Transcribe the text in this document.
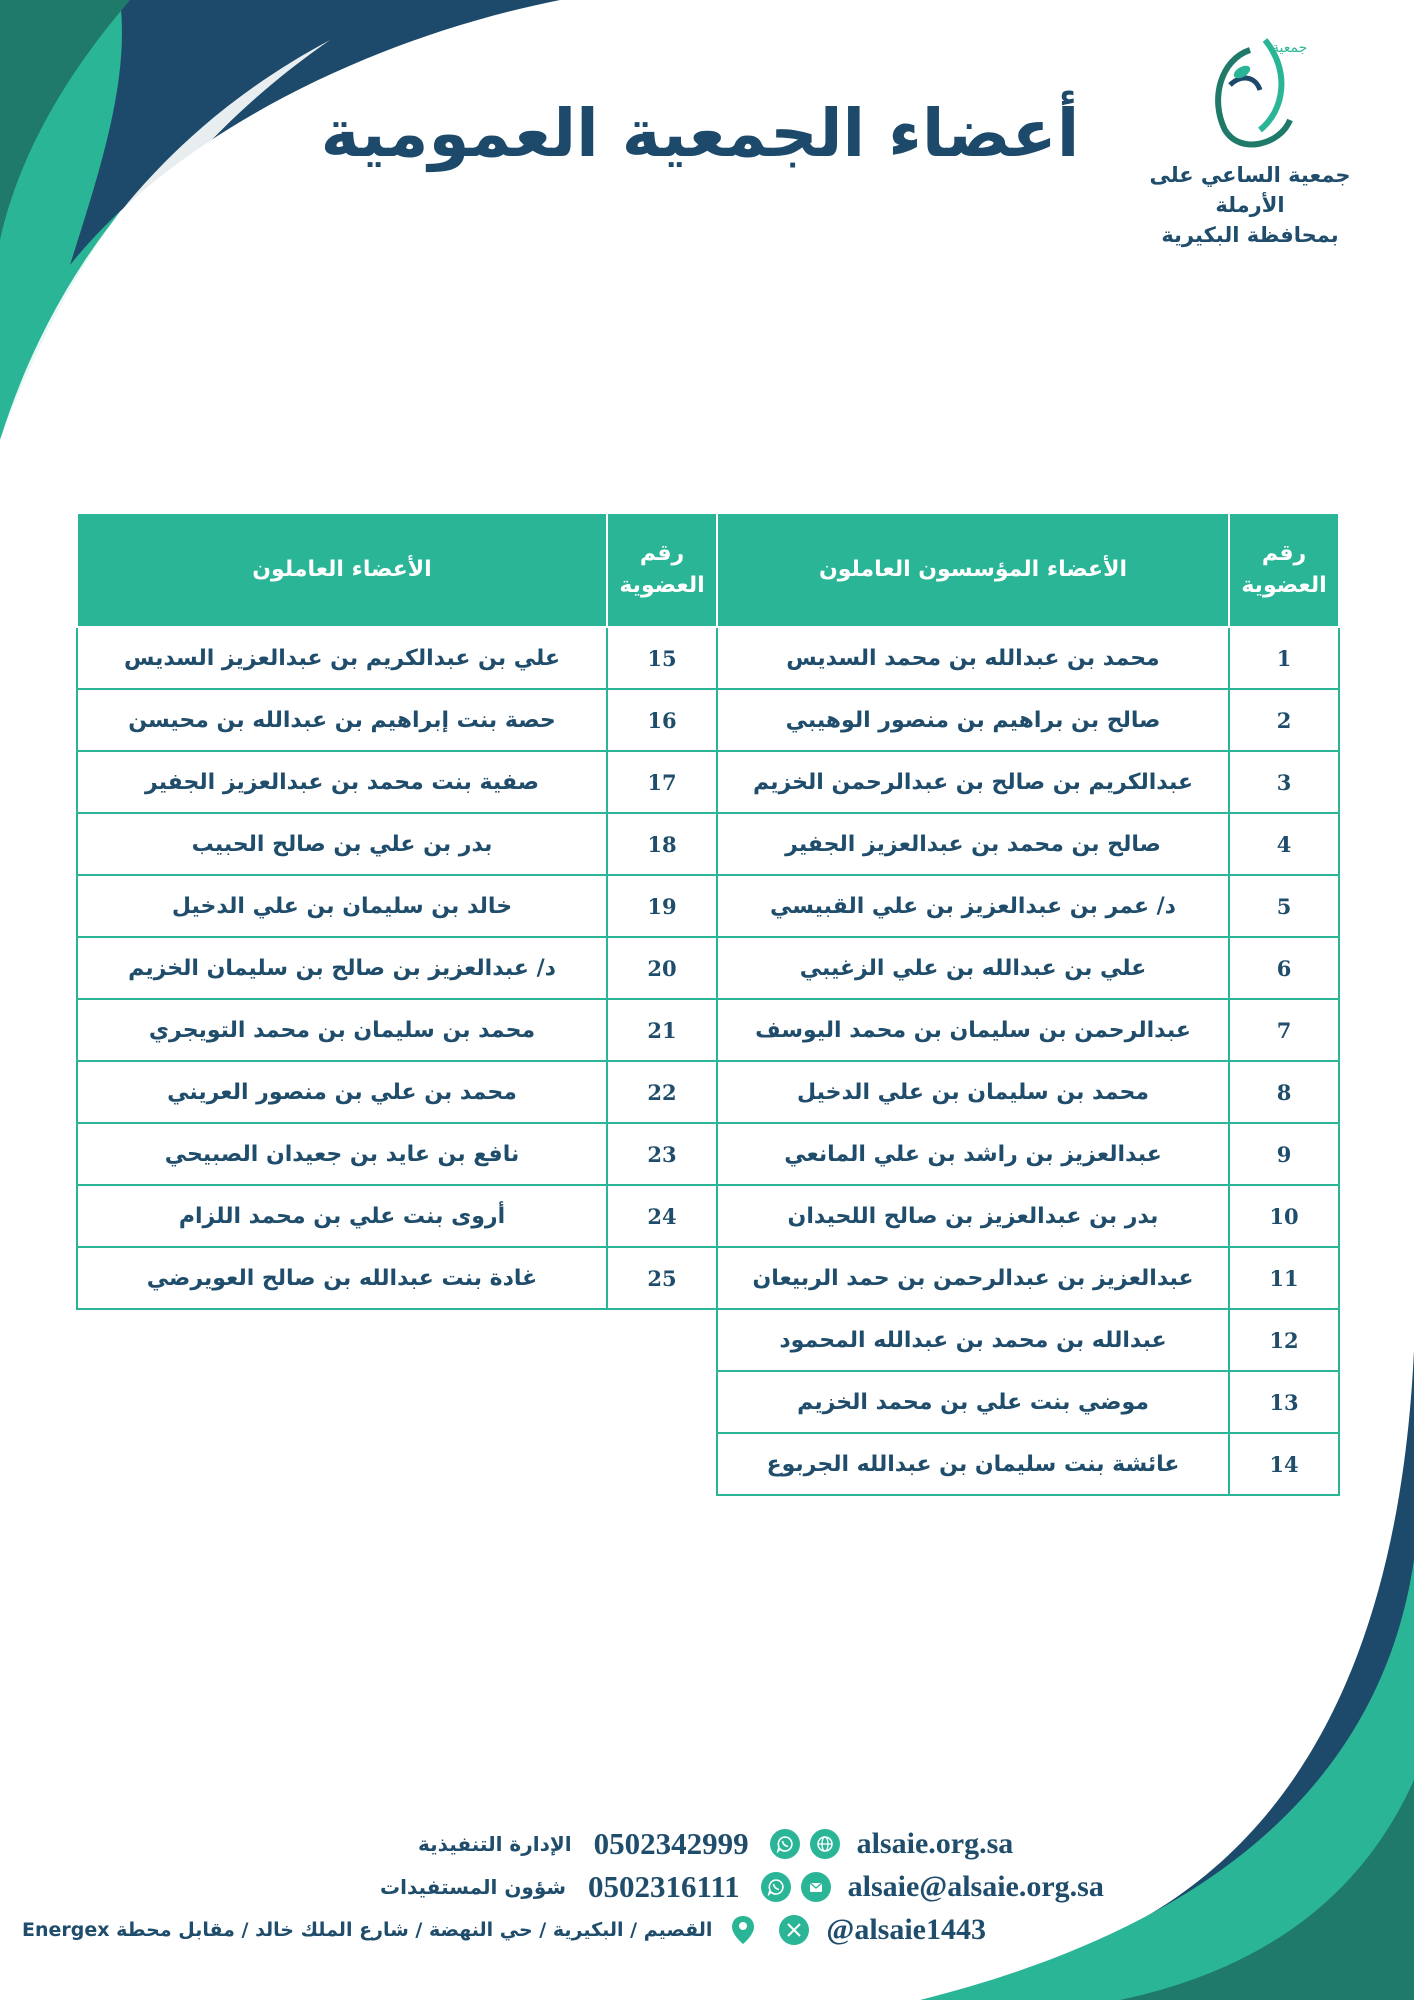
جمعية
جمعية الساعي على الأرملة
بمحافظة البكيرية
أعضاء الجمعية العمومية
رقم العضوية	الأعضاء المؤسسون العاملون	رقم العضوية	الأعضاء العاملون
1	محمد بن عبدالله بن محمد السديس	15	علي بن عبدالكريم بن عبدالعزيز السديس
2	صالح بن براهيم بن منصور الوهيبي	16	حصة بنت إبراهيم بن عبدالله بن محيسن
3	عبدالكريم بن صالح بن عبدالرحمن الخزيم	17	صفية بنت محمد بن عبدالعزيز الجفير
4	صالح بن محمد بن عبدالعزيز الجفير	18	بدر بن علي بن صالح الحبيب
5	د/ عمر بن عبدالعزيز بن علي القبيسي	19	خالد بن سليمان بن علي الدخيل
6	علي بن عبدالله بن علي الزغيبي	20	د/ عبدالعزيز بن صالح بن سليمان الخزيم
7	عبدالرحمن بن سليمان بن محمد اليوسف	21	محمد بن سليمان بن محمد التويجري
8	محمد بن سليمان بن علي الدخيل	22	محمد بن علي بن منصور العريني
9	عبدالعزيز بن راشد بن علي المانعي	23	نافع بن عايد بن جعيدان الصبيحي
10	بدر بن عبدالعزيز بن صالح اللحيدان	24	أروى بنت علي بن محمد اللزام
11	عبدالعزيز بن عبدالرحمن بن حمد الربيعان	25	غادة بنت عبدالله بن صالح العويرضي
12	عبدالله بن محمد بن عبدالله المحمود		
13	موضي بنت علي بن محمد الخزيم		
14	عائشة بنت سليمان بن عبدالله الجربوع		
الإدارة التنفيذية 0502342999	alsaie.org.sa
شؤون المستفيدات 0502316111	alsaie@alsaie.org.sa
القصيم / البكيرية / حي النهضة / شارع الملك خالد / مقابل محطة Energex	@alsaie1443
